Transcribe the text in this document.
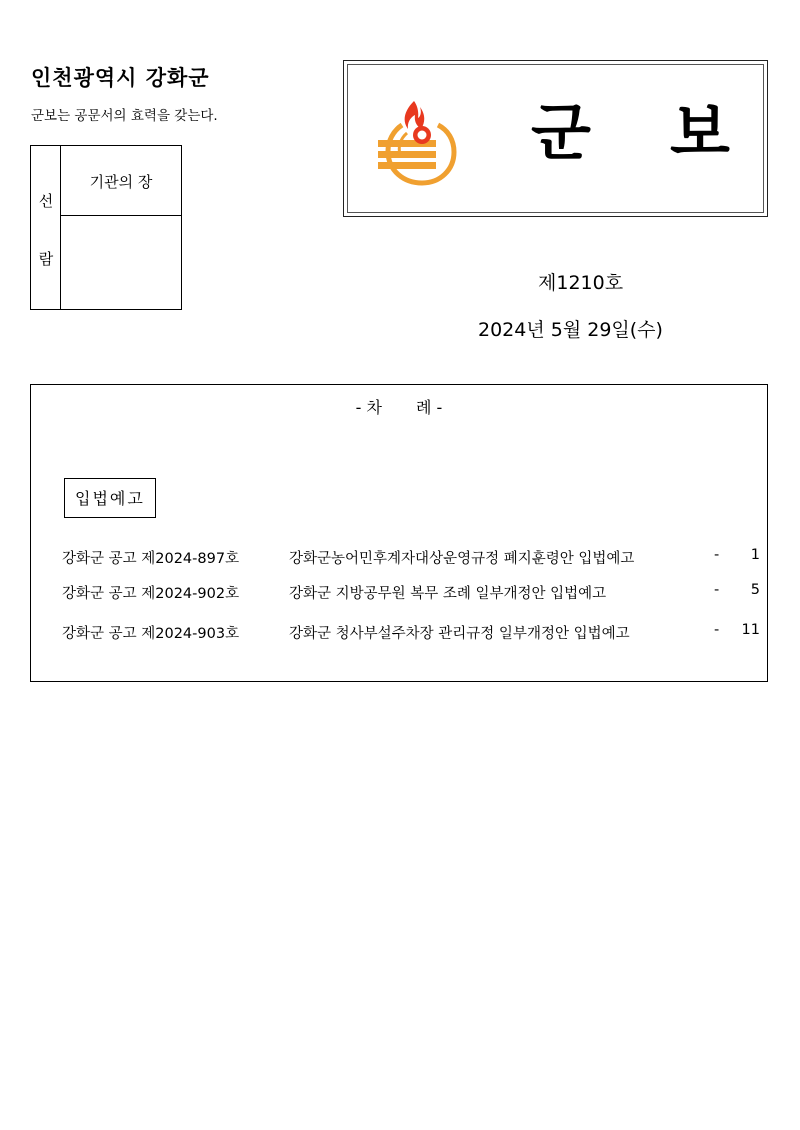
인천광역시 강화군
군보는 공문서의 효력을 갖는다.
선
람
기관의 장
군 보
제1210호
2024년 5월 29일(수)
- 차 례 -
입법예고
강화군 공고 제2024-897호	강화군농어민후계자대상운영규정 폐지훈령안 입법예고	- 1
강화군 공고 제2024-902호	강화군 지방공무원 복무 조례 일부개정안 입법예고	- 5
강화군 공고 제2024-903호	강화군 청사부설주차장 관리규정 일부개정안 입법예고	- 11
